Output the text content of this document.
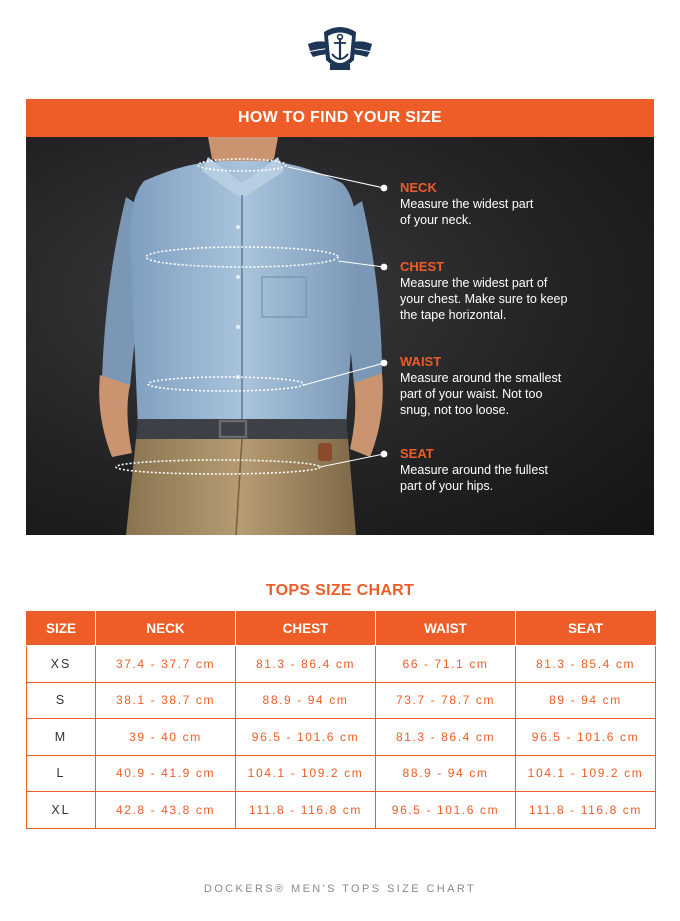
HOW TO FIND YOUR SIZE
NECK
Measure the widest part
of your neck.
CHEST
Measure the widest part of
your chest. Make sure to keep
the tape horizontal.
WAIST
Measure around the smallest
part of your waist. Not too
snug, not too loose.
SEAT
Measure around the fullest
part of your hips.
TOPS SIZE CHART
SIZE	NECK	CHEST	WAIST	SEAT
XS	37.4 - 37.7 cm	81.3 - 86.4 cm	66 - 71.1 cm	81.3 - 85.4 cm
S	38.1 - 38.7 cm	88.9 - 94 cm	73.7 - 78.7 cm	89 - 94 cm
M	39 - 40 cm	96.5 - 101.6 cm	81.3 - 86.4 cm	96.5 - 101.6 cm
L	40.9 - 41.9 cm	104.1 - 109.2 cm	88.9 - 94 cm	104.1 - 109.2 cm
XL	42.8 - 43.8 cm	111.8 - 116.8 cm	96.5 - 101.6 cm	111.8 - 116.8 cm
DOCKERS® MEN'S TOPS SIZE CHART
